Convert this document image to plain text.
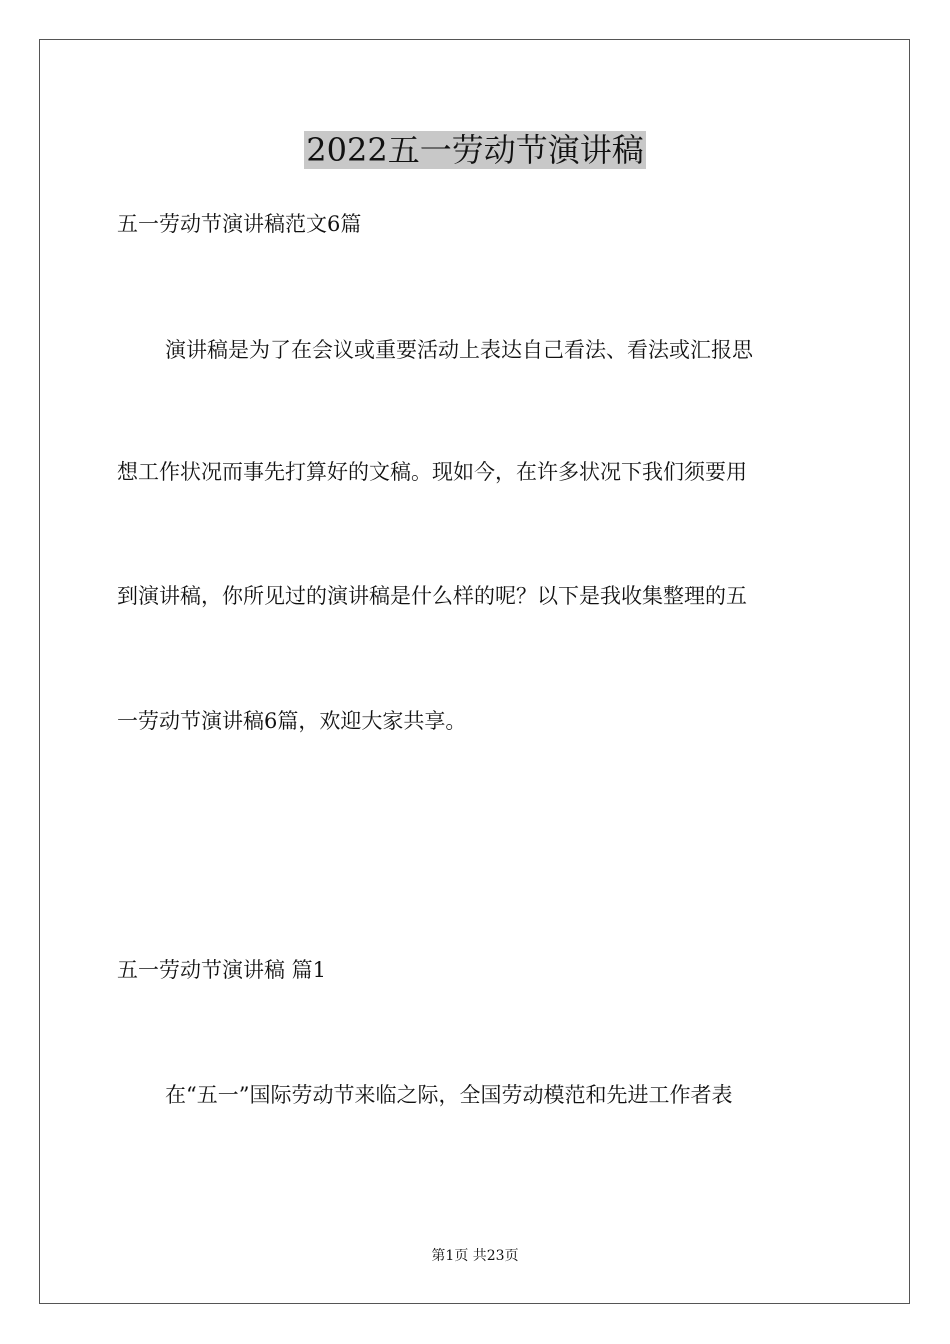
2022五一劳动节演讲稿

五一劳动节演讲稿范文6篇

演讲稿是为了在会议或重要活动上表达自己看法、看法或汇报思

想工作状况而事先打算好的文稿。现如今，在许多状况下我们须要用

到演讲稿，你所见过的演讲稿是什么样的呢？以下是我收集整理的五

一劳动节演讲稿6篇，欢迎大家共享。

五一劳动节演讲稿 篇1

在“五一”国际劳动节来临之际，全国劳动模范和先进工作者表

第1页 共23页
